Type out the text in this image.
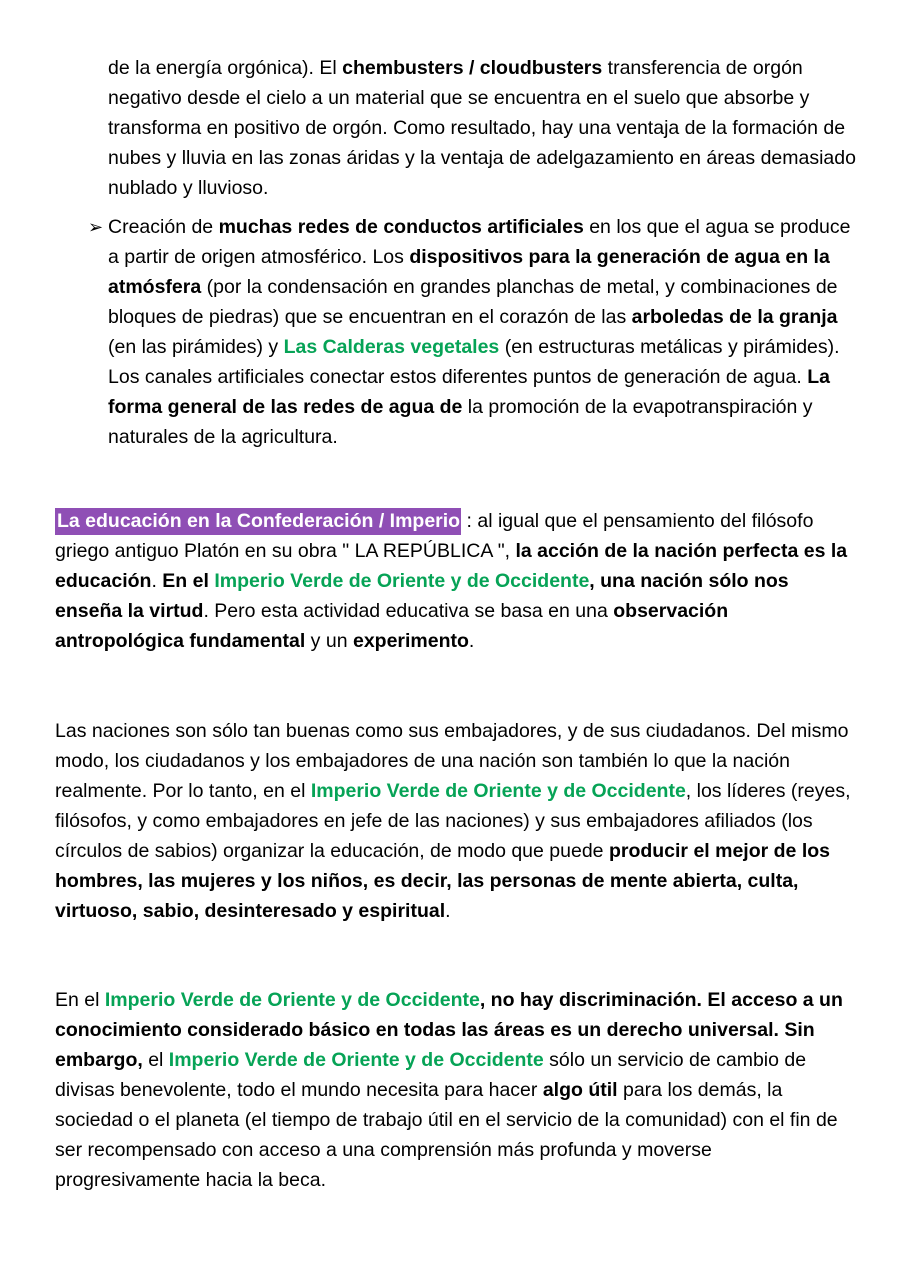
de la energía orgónica). El chembusters / cloudbusters transferencia de orgón negativo desde el cielo a un material que se encuentra en el suelo que absorbe y transforma en positivo de orgón. Como resultado, hay una ventaja de la formación de nubes y lluvia en las zonas áridas y la ventaja de adelgazamiento en áreas demasiado nublado y lluvioso.
➢ Creación de muchas redes de conductos artificiales en los que el agua se produce a partir de origen atmosférico. Los dispositivos para la generación de agua en la atmósfera (por la condensación en grandes planchas de metal, y combinaciones de bloques de piedras) que se encuentran en el corazón de las arboledas de la granja (en las pirámides) y Las Calderas vegetales (en estructuras metálicas y pirámides). Los canales artificiales conectar estos diferentes puntos de generación de agua. La forma general de las redes de agua de la promoción de la evapotranspiración y naturales de la agricultura.
La educación en la Confederación / Imperio : al igual que el pensamiento del filósofo griego antiguo Platón en su obra " LA REPÚBLICA ", la acción de la nación perfecta es la educación. En el Imperio Verde de Oriente y de Occidente, una nación sólo nos enseña la virtud. Pero esta actividad educativa se basa en una observación antropológica fundamental y un experimento.
Las naciones son sólo tan buenas como sus embajadores, y de sus ciudadanos. Del mismo modo, los ciudadanos y los embajadores de una nación son también lo que la nación realmente. Por lo tanto, en el Imperio Verde de Oriente y de Occidente, los líderes (reyes, filósofos, y como embajadores en jefe de las naciones) y sus embajadores afiliados (los círculos de sabios) organizar la educación, de modo que puede producir el mejor de los hombres, las mujeres y los niños, es decir, las personas de mente abierta, culta, virtuoso, sabio, desinteresado y espiritual.
En el Imperio Verde de Oriente y de Occidente, no hay discriminación. El acceso a un conocimiento considerado básico en todas las áreas es un derecho universal. Sin embargo, el Imperio Verde de Oriente y de Occidente sólo un servicio de cambio de divisas benevolente, todo el mundo necesita para hacer algo útil para los demás, la sociedad o el planeta (el tiempo de trabajo útil en el servicio de la comunidad) con el fin de ser recompensado con acceso a una comprensión más profunda y moverse progresivamente hacia la beca.
